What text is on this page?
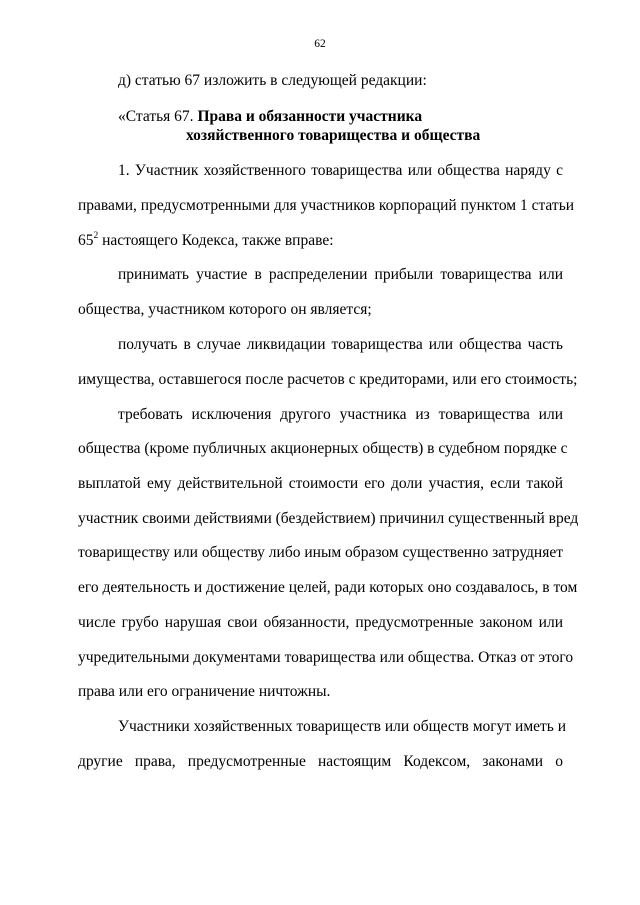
62
д) статью 67 изложить в следующей редакции:
«Статья 67. Права и обязанности участника
хозяйственного товарищества и общества
1. Участник хозяйственного товарищества или общества наряду с
правами, предусмотренными для участников корпораций пунктом 1 статьи
$65^2$ настоящего Кодекса, также вправе:
принимать участие в распределении прибыли товарищества или
общества, участником которого он является;
получать в случае ликвидации товарищества или общества часть
имущества, оставшегося после расчетов с кредиторами, или его стоимость;
требовать исключения другого участника из товарищества или
общества (кроме публичных акционерных обществ) в судебном порядке с
выплатой ему действительной стоимости его доли участия, если такой
участник своими действиями (бездействием) причинил существенный вред
товариществу или обществу либо иным образом существенно затрудняет
его деятельность и достижение целей, ради которых оно создавалось, в том
числе грубо нарушая свои обязанности, предусмотренные законом или
учредительными документами товарищества или общества. Отказ от этого
права или его ограничение ничтожны.
Участники хозяйственных товариществ или обществ могут иметь и
другие права, предусмотренные настоящим Кодексом, законами о
